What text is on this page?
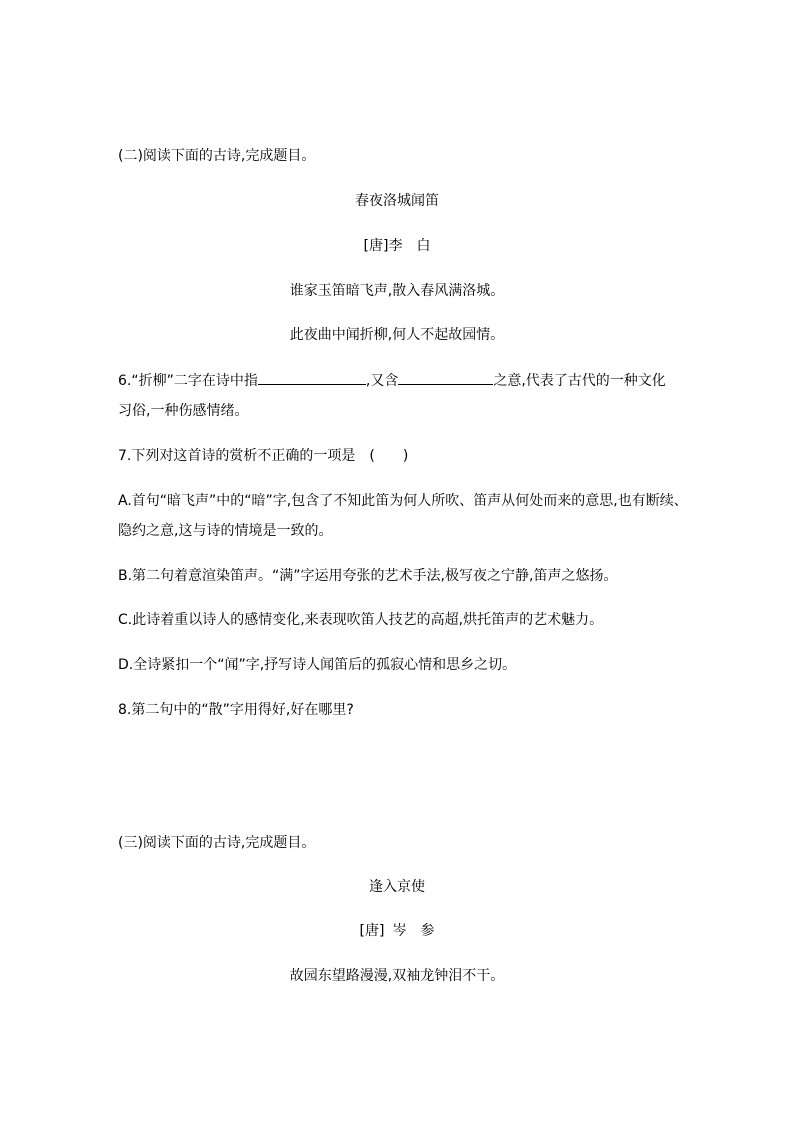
(二)阅读下面的古诗,完成题目。
春夜洛城闻笛
[唐]李 白
谁家玉笛暗飞声,散入春风满洛城。
此夜曲中闻折柳,何人不起故园情。
6.“折柳”二字在诗中指	,又含	之意,代表了古代的一种文化
习俗,一种伤感情绪。
7.下列对这首诗的赏析不正确的一项是　(　　)
A.首句“暗飞声”中的“暗”字,包含了不知此笛为何人所吹、笛声从何处而来的意思,也有断续、
隐约之意,这与诗的情境是一致的。
B.第二句着意渲染笛声。“满”字运用夸张的艺术手法,极写夜之宁静,笛声之悠扬。
C.此诗着重以诗人的感情变化,来表现吹笛人技艺的高超,烘托笛声的艺术魅力。
D.全诗紧扣一个“闻”字,抒写诗人闻笛后的孤寂心情和思乡之切。
8.第二句中的“散”字用得好,好在哪里?
(三)阅读下面的古诗,完成题目。
逢入京使
[唐] 岑 参
故园东望路漫漫,双袖龙钟泪不干。
